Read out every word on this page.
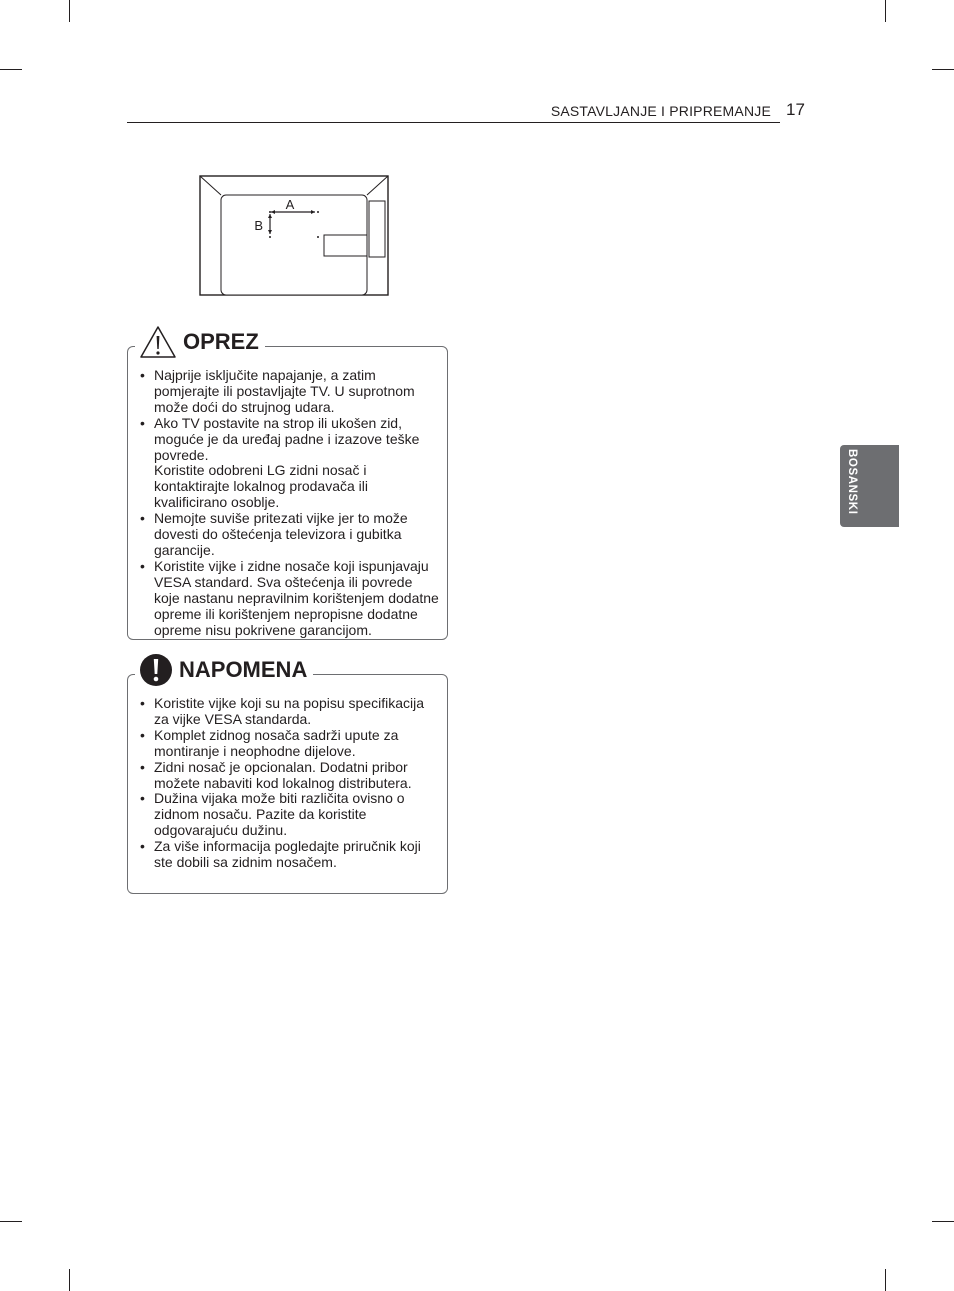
SASTAVLJANJE I PRIPREMANJE 17
BOSANSKI
A
B
OPREZ
• Najprije isključite napajanje, a zatim pomjerajte ili postavljajte TV. U suprotnom može doći do strujnog udara.
• Ako TV postavite na strop ili ukošen zid, moguće je da uređaj padne i izazove teške povrede.
Koristite odobreni LG zidni nosač i kontaktirajte lokalnog prodavača ili kvalificirano osoblje.
• Nemojte suviše pritezati vijke jer to može dovesti do oštećenja televizora i gubitka garancije.
• Koristite vijke i zidne nosače koji ispunjavaju VESA standard. Sva oštećenja ili povrede koje nastanu nepravilnim korištenjem dodatne opreme ili korištenjem nepropisne dodatne opreme nisu pokrivene garancijom.
NAPOMENA
• Koristite vijke koji su na popisu specifikacija za vijke VESA standarda.
• Komplet zidnog nosača sadrži upute za montiranje i neophodne dijelove.
• Zidni nosač je opcionalan. Dodatni pribor možete nabaviti kod lokalnog distributera.
• Dužina vijaka može biti različita ovisno o zidnom nosaču. Pazite da koristite odgovarajuću dužinu.
• Za više informacija pogledajte priručnik koji ste dobili sa zidnim nosačem.
